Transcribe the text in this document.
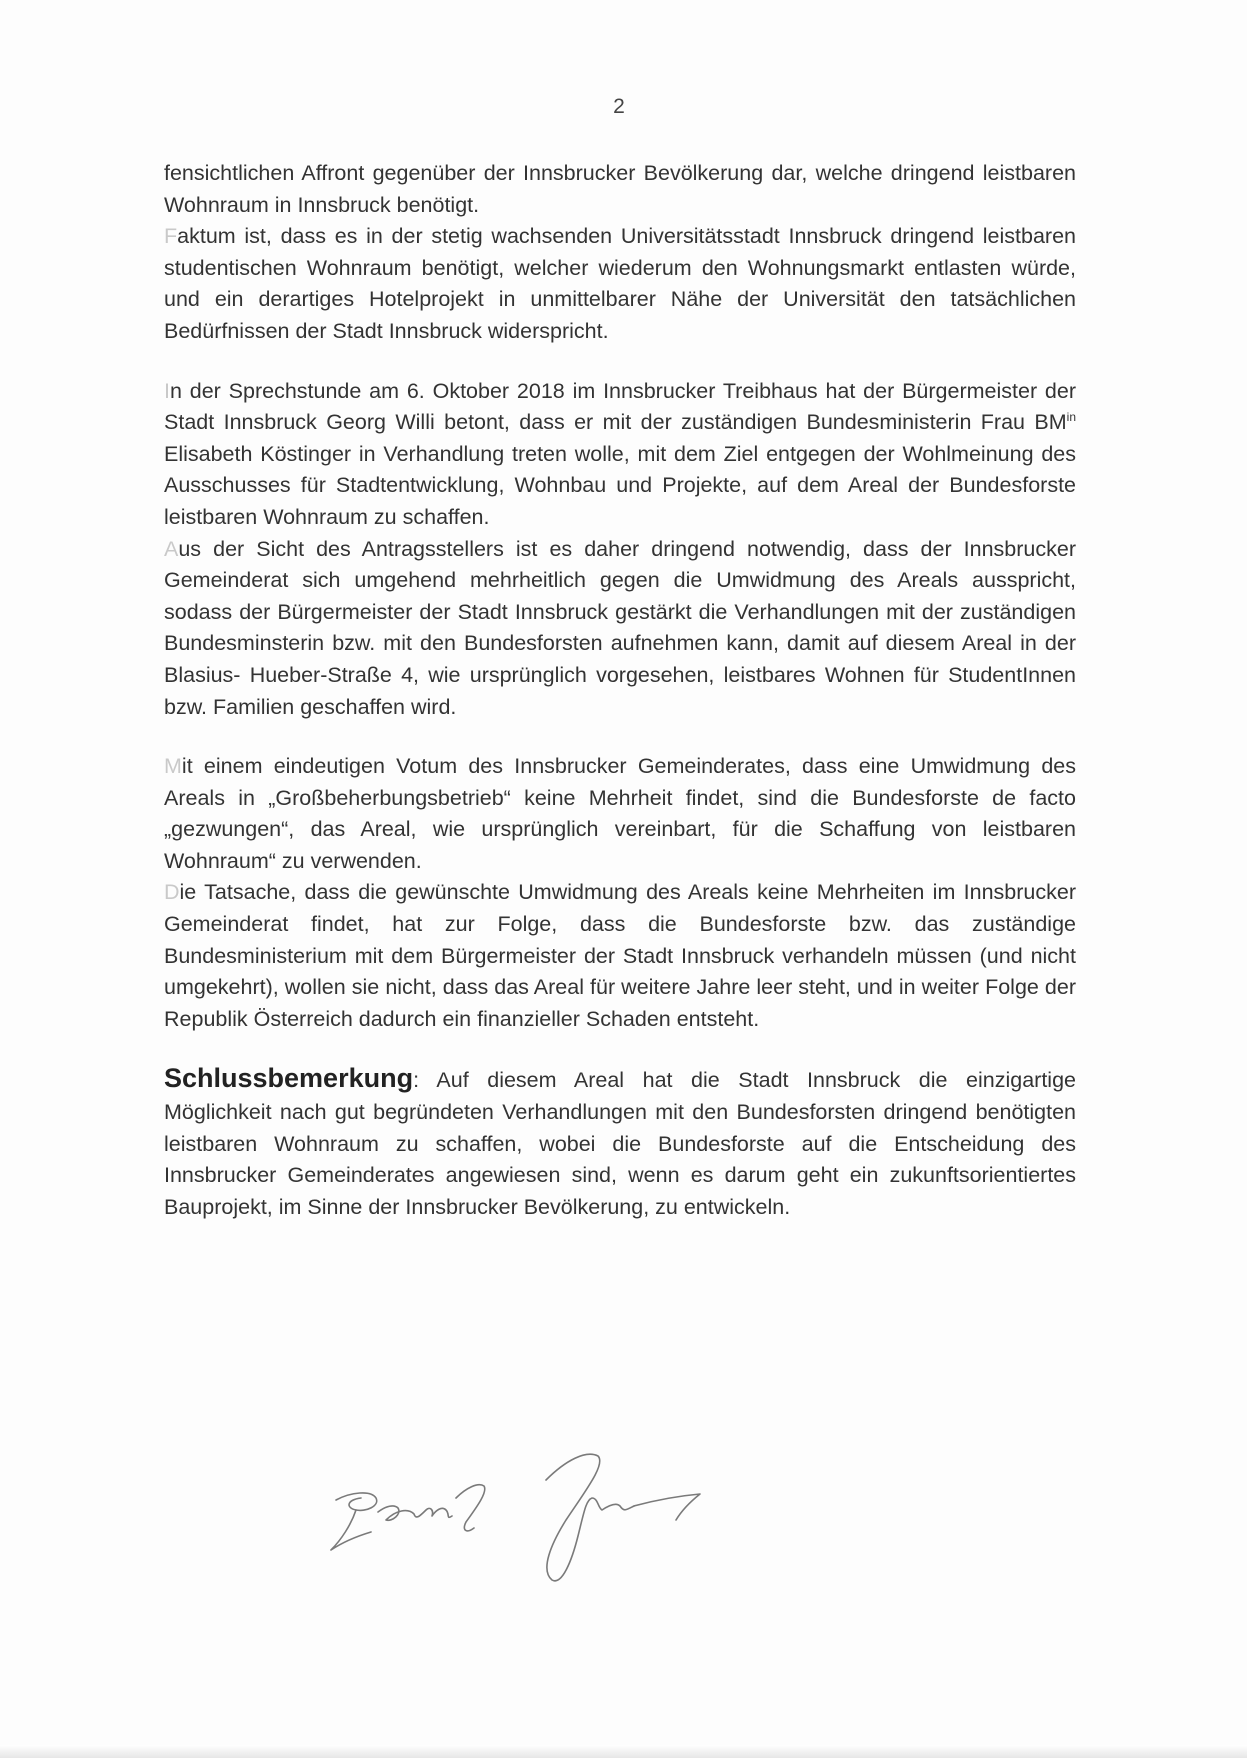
2

fensichtlichen Affront gegenüber der Innsbrucker Bevölkerung dar, welche dringend leistbaren Wohnraum in Innsbruck benötigt.

Faktum ist, dass es in der stetig wachsenden Universitätsstadt Innsbruck dringend leistbaren studentischen Wohnraum benötigt, welcher wiederum den Wohnungsmarkt entlasten würde, und ein derartiges Hotelprojekt in unmittelbarer Nähe der Universität den tatsächlichen Bedürfnissen der Stadt Innsbruck widerspricht.

In der Sprechstunde am 6. Oktober 2018 im Innsbrucker Treibhaus hat der Bürgermeister der Stadt Innsbruck Georg Willi betont, dass er mit der zuständigen Bundesministerin Frau $BM^{in}$ Elisabeth Köstinger in Verhandlung treten wolle, mit dem Ziel entgegen der Wohlmeinung des Ausschusses für Stadtentwicklung, Wohnbau und Projekte, auf dem Areal der Bundesforste leistbaren Wohnraum zu schaffen.

Aus der Sicht des Antragsstellers ist es daher dringend notwendig, dass der Innsbrucker Gemeinderat sich umgehend mehrheitlich gegen die Umwidmung des Areals ausspricht, sodass der Bürgermeister der Stadt Innsbruck gestärkt die Verhandlungen mit der zuständigen Bundesminsterin bzw. mit den Bundesforsten aufnehmen kann, damit auf diesem Areal in der Blasius- Hueber-Straße 4, wie ursprünglich vorgesehen, leistbares Wohnen für StudentInnen bzw. Familien geschaffen wird.

Mit einem eindeutigen Votum des Innsbrucker Gemeinderates, dass eine Umwidmung des Areals in „Großbeherbungsbetrieb“ keine Mehrheit findet, sind die Bundesforste de facto „gezwungen“, das Areal, wie ursprünglich vereinbart, für die Schaffung von leistbaren Wohnraum“ zu verwenden.

Die Tatsache, dass die gewünschte Umwidmung des Areals keine Mehrheiten im Innsbrucker Gemeinderat findet, hat zur Folge, dass die Bundesforste bzw. das zuständige Bundesministerium mit dem Bürgermeister der Stadt Innsbruck verhandeln müssen (und nicht umgekehrt), wollen sie nicht, dass das Areal für weitere Jahre leer steht, und in weiter Folge der Republik Österreich dadurch ein finanzieller Schaden entsteht.

Schlussbemerkung: Auf diesem Areal hat die Stadt Innsbruck die einzigartige Möglichkeit nach gut begründeten Verhandlungen mit den Bundesforsten dringend benötigten leistbaren Wohnraum zu schaffen, wobei die Bundesforste auf die Entscheidung des Innsbrucker Gemeinderates angewiesen sind, wenn es darum geht ein zukunftsorientiertes Bauprojekt, im Sinne der Innsbrucker Bevölkerung, zu entwickeln.
